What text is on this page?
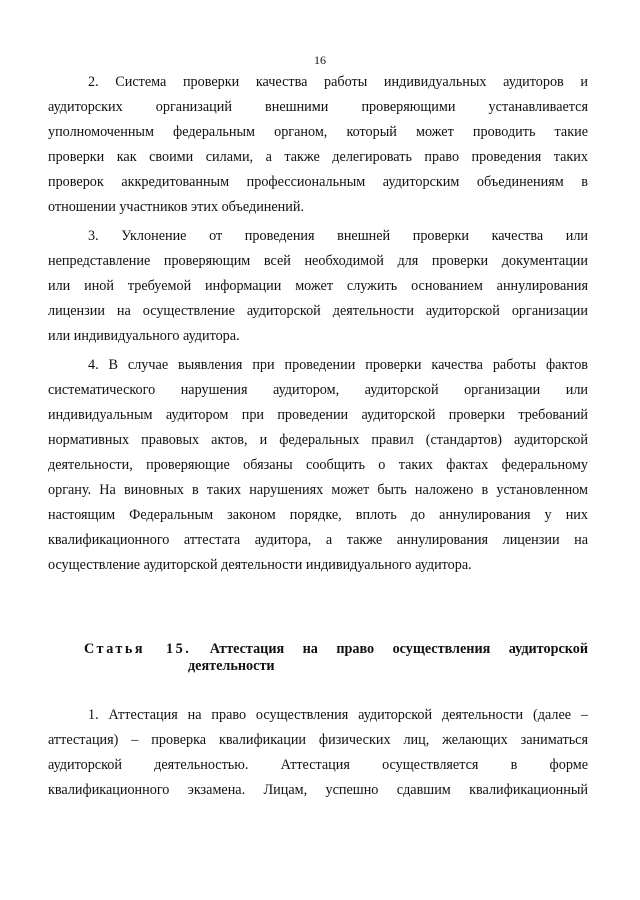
16
2. Система проверки качества работы индивидуальных аудиторов и
аудиторских организаций внешними проверяющими устанавливается
уполномоченным федеральным органом, который может проводить такие
проверки как своими силами, а также делегировать право проведения таких
проверок аккредитованным профессиональным аудиторским объединениям в
отношении участников этих объединений.
3. Уклонение от проведения внешней проверки качества или
непредставление проверяющим всей необходимой для проверки документации
или иной требуемой информации может служить основанием аннулирования
лицензии на осуществление аудиторской деятельности аудиторской организации
или индивидуального аудитора.
4. В случае выявления при проведении проверки качества работы фактов
систематического нарушения аудитором, аудиторской организации или
индивидуальным аудитором при проведении аудиторской проверки требований
нормативных правовых актов, и федеральных правил (стандартов) аудиторской
деятельности, проверяющие обязаны сообщить о таких фактах федеральному
органу. На виновных в таких нарушениях может быть наложено в установленном
настоящим Федеральным законом порядке, вплоть до аннулирования у них
квалификационного аттестата аудитора, а также аннулирования лицензии на
осуществление аудиторской деятельности индивидуального аудитора.
Статья 15. Аттестация на право осуществления аудиторской
деятельности
1. Аттестация на право осуществления аудиторской деятельности (далее –
аттестация) – проверка квалификации физических лиц, желающих заниматься
аудиторской деятельностью. Аттестация осуществляется в форме
квалификационного экзамена. Лицам, успешно сдавшим квалификационный
